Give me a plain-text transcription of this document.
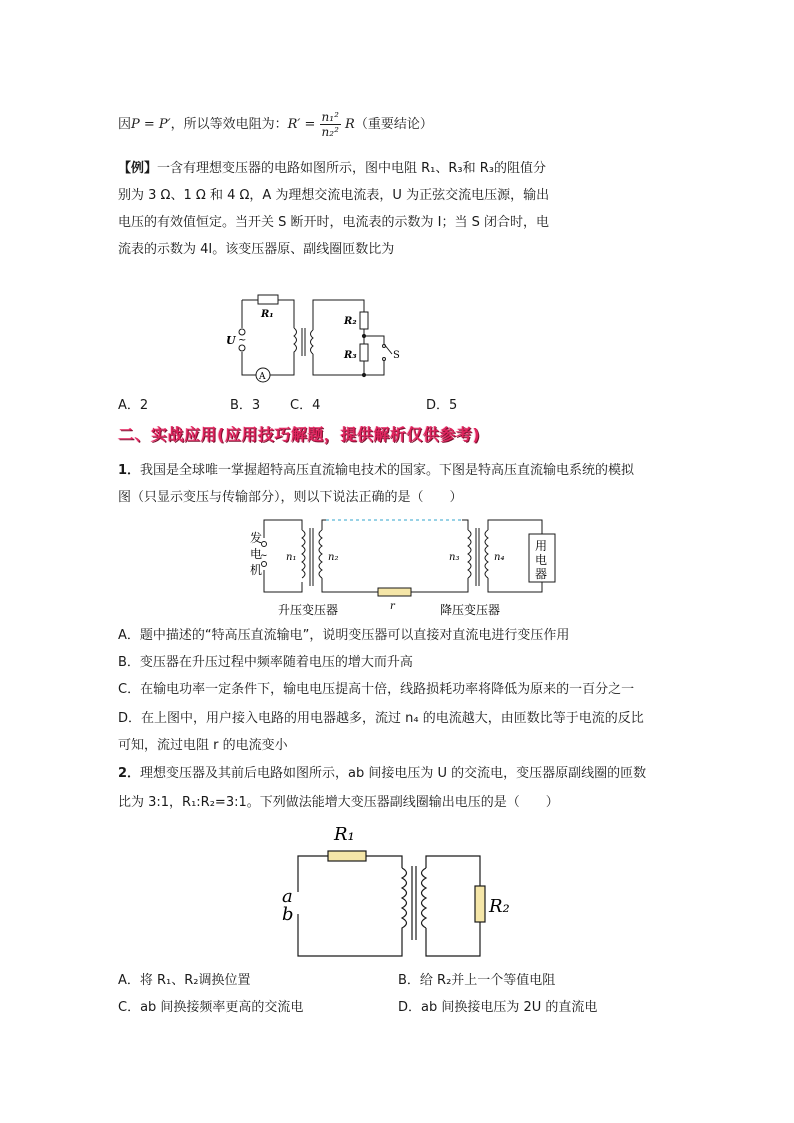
因P = P′，所以等效电阻为：$R' = \frac{\text{n₁²}}{\text{n₂²}} R$（重要结论）
【例】一含有理想变压器的电路如图所示，图中电阻 R₁、R₃和 R₃的阻值分
别为 3 Ω、1 Ω 和 4 Ω，A 为理想交流电流表，U 为正弦交流电压源，输出
电压的有效值恒定。当开关 S 断开时，电流表的示数为 I；当 S 闭合时，电
流表的示数为 4I。该变压器原、副线圈匝数比为
U ~
R₁
A
R₂
R₃	S
A．2	B．3 C．4	D．5
二、实战应用(应用技巧解题，提供解析仅供参考)
1．我国是全球唯一掌握超特高压直流输电技术的国家。下图是特高压直流输电系统的模拟
图（只显示变压与传输部分），则以下说法正确的是（　　）
发
电
机
~ n₁	n₂	n₃	n₄
r
用
电
器
升压变压器	降压变压器
A．题中描述的“特高压直流输电”，说明变压器可以直接对直流电进行变压作用
B．变压器在升压过程中频率随着电压的增大而升高
C．在输电功率一定条件下，输电电压提高十倍，线路损耗功率将降低为原来的一百分之一
D．在上图中，用户接入电路的用电器越多，流过 n₄ 的电流越大，由匝数比等于电流的反比
可知，流过电阻 r 的电流变小
2．理想变压器及其前后电路如图所示，ab 间接电压为 U 的交流电，变压器原副线圈的匝数
比为 3:1，R₁:R₂=3:1。下列做法能增大变压器副线圈输出电压的是（　　）
R₁
a
b	R₂
A．将 R₁、R₂调换位置	B．给 R₂并上一个等值电阻
C．ab 间换接频率更高的交流电	D．ab 间换接电压为 2U 的直流电
